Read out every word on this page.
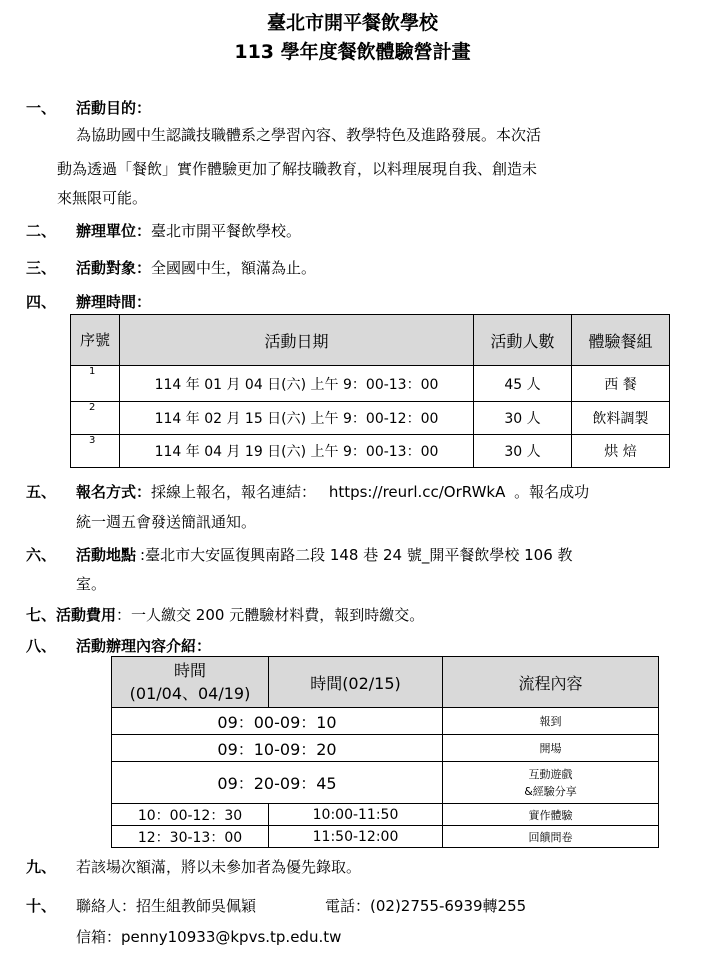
臺北市開平餐飲學校
113 學年度餐飲體驗營計畫
一、 活動目的：
為協助國中生認識技職體系之學習內容、教學特色及進路發展。本次活
動為透過「餐飲」實作體驗更加了解技職教育，以料理展現自我、創造未
來無限可能。
二、 辦理單位：臺北市開平餐飲學校。
三、 活動對象：全國國中生，額滿為止。
四、 辦理時間：
序號	活動日期	活動人數	體驗餐組
1	114 年 01 月 04 日(六) 上午 9：00-13：00	45 人	西 餐
2	114 年 02 月 15 日(六) 上午 9：00-12：00	30 人	飲料調製
3	114 年 04 月 19 日(六) 上午 9：00-13：00	30 人	烘 焙
五、 報名方式：採線上報名，報名連結： https://reurl.cc/OrRWkA 。報名成功
統一週五會發送簡訊通知。
六、 活動地點 :臺北市大安區復興南路二段 148 巷 24 號_開平餐飲學校 106 教
室。
七、活動費用：一人繳交 200 元體驗材料費，報到時繳交。
八、 活動辦理內容介紹：
時間
(01/04、04/19)	時間(02/15)	流程內容
09：00-09：10		報到
09：10-09：20		開場
09：20-09：45		互動遊戲
&經驗分享

10：00-12：30	10:00-11:50	實作體驗
12：30-13：00	11:50-12:00	回饋問卷
九、 若該場次額滿，將以未參加者為優先錄取。
十、 聯絡人：招生組教師吳佩穎	電話：(02)2755-6939轉255
信箱：penny10933@kpvs.tp.edu.tw
